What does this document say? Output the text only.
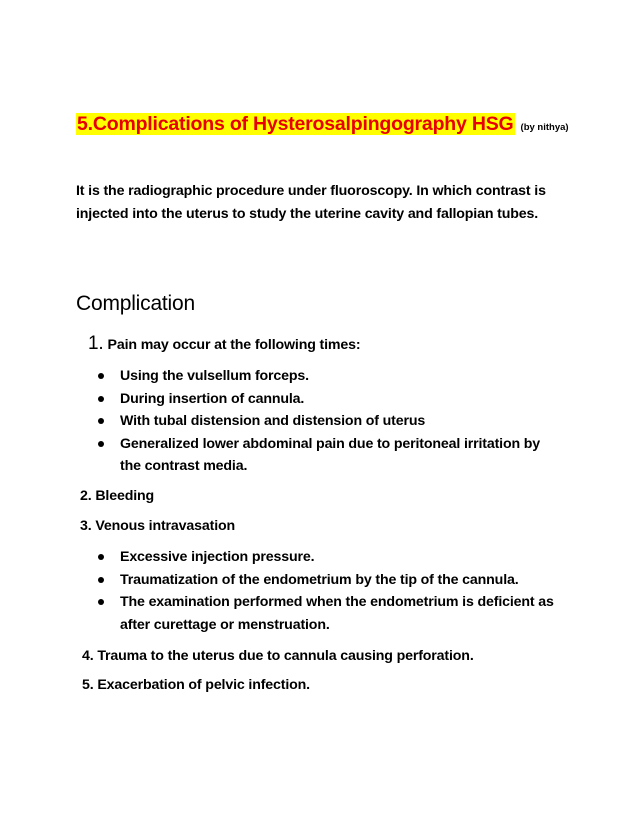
5.Complications of Hysterosalpingography HSG (by nithya)
It is the radiographic procedure under fluoroscopy. In which contrast is injected into the uterus to study the uterine cavity and fallopian tubes.
Complication
1. Pain may occur at the following times:
Using the vulsellum forceps.
During insertion of cannula.
With tubal distension and distension of uterus
Generalized lower abdominal pain due to peritoneal irritation by the contrast media.
2. Bleeding
3. Venous intravasation
Excessive injection pressure.
Traumatization of the endometrium by the tip of the cannula.
The examination performed when the endometrium is deficient as after curettage or menstruation.
4. Trauma to the uterus due to cannula causing perforation.
5. Exacerbation of pelvic infection.
